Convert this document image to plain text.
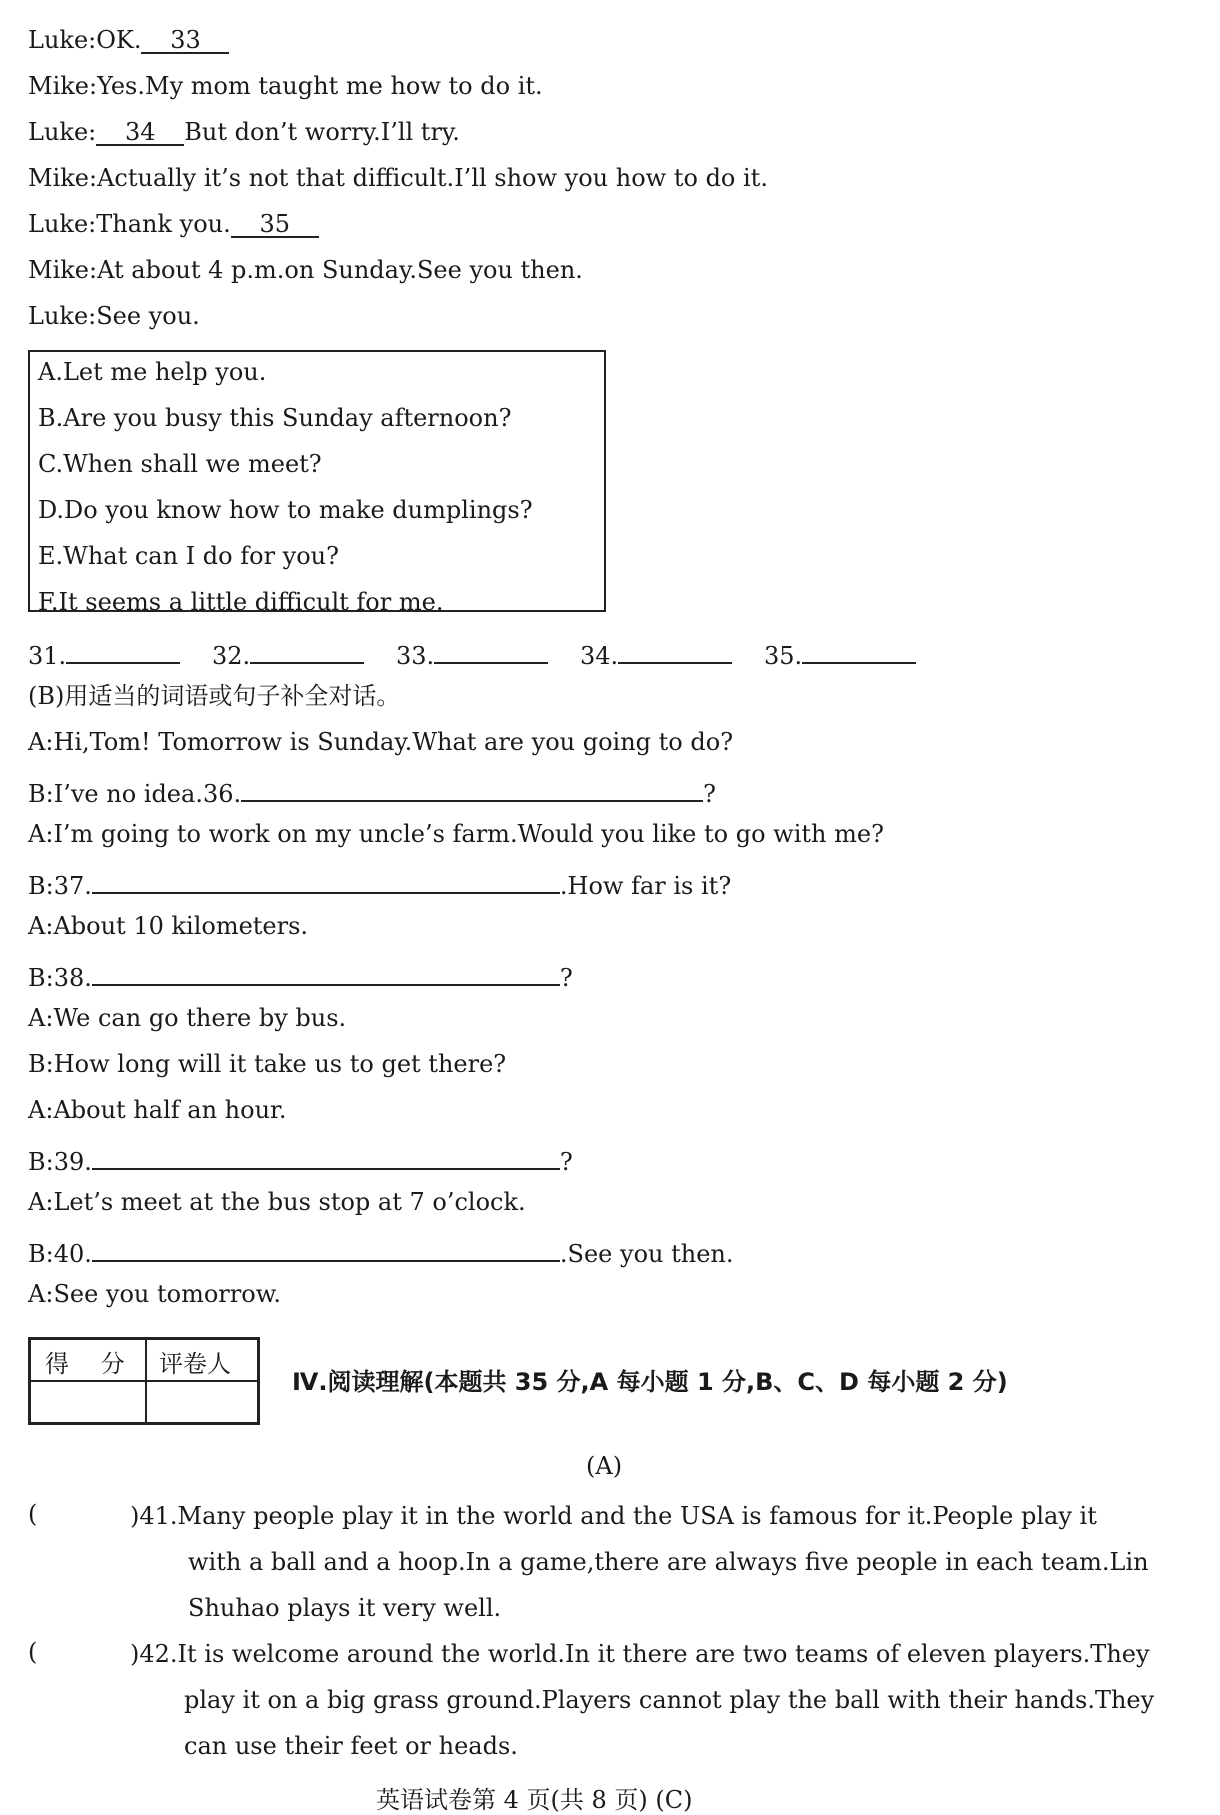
Luke:OK. 33
Mike:Yes.My mom taught me how to do it.
Luke: 34 But don’t worry.I’ll try.
Mike:Actually it’s not that difficult.I’ll show you how to do it.
Luke:Thank you. 35
Mike:At about 4 p.m.on Sunday.See you then.
Luke:See you.
A.Let me help you.
B.Are you busy this Sunday afternoon?
C.When shall we meet?
D.Do you know how to make dumplings?
E.What can I do for you?
F.It seems a little difficult for me.
31.	32.	33.	34.	35.
(B)用适当的词语或句子补全对话。
A:Hi,Tom! Tomorrow is Sunday.What are you going to do?
B:I’ve no idea.36.	?
A:I’m going to work on my uncle’s farm.Would you like to go with me?
B:37.	.How far is it?
A:About 10 kilometers.
B:38.	?
A:We can go there by bus.
B:How long will it take us to get there?
A:About half an hour.
B:39.	?
A:Let’s meet at the bus stop at 7 o’clock.
B:40.	.See you then.
A:See you tomorrow.
得 分 评卷人
Ⅳ.阅读理解(本题共 35 分,A 每小题 1 分,B、C、D 每小题 2 分)
(A)
(	)41.Many people play it in the world and the USA is famous for it.People play it
with a ball and a hoop.In a game,there are always five people in each team.Lin
Shuhao plays it very well.
(	)42.It is welcome around the world.In it there are two teams of eleven players.They
play it on a big grass ground.Players cannot play the ball with their hands.They
can use their feet or heads.
英语试卷第 4 页(共 8 页) (C)
